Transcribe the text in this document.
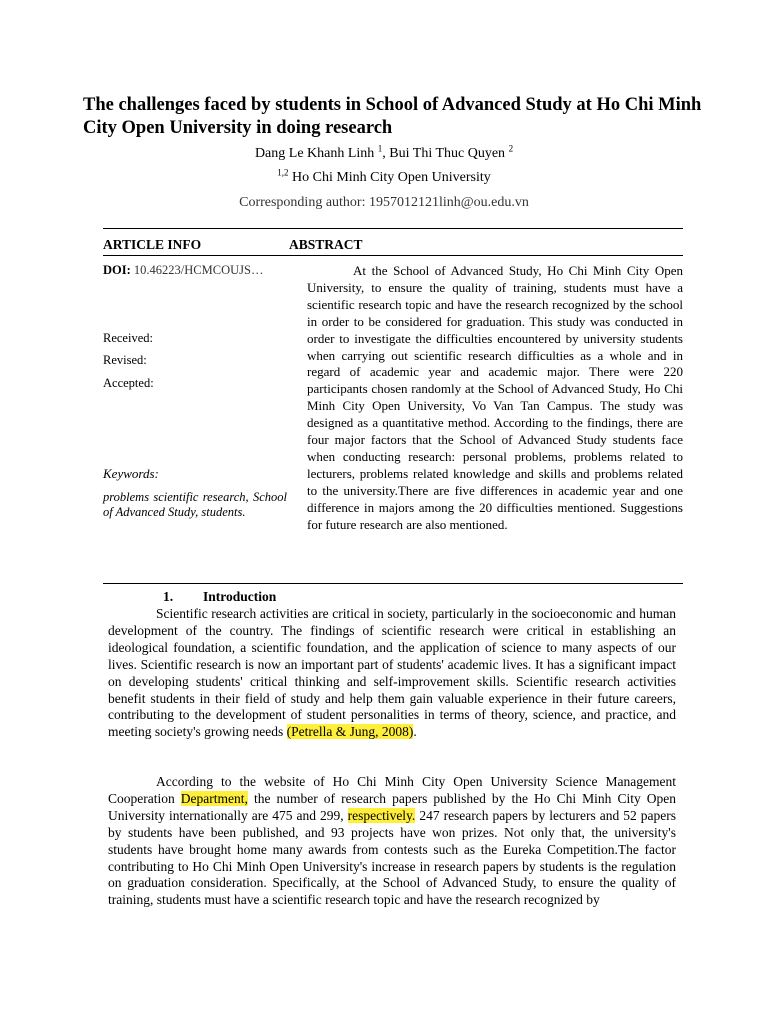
The challenges faced by students in School of Advanced Study at Ho Chi Minh City Open University in doing research
Dang Le Khanh Linh $^1$, Bui Thi Thuc Quyen $^2$
$^{1,2}$ Ho Chi Minh City Open University
Corresponding author: 1957012121linh@ou.edu.vn
ARTICLE INFO	ABSTRACT
DOI: 10.46223/HCMCOUJS…
Received:
Revised:
Accepted:
Keywords:
problems scientific research, School of Advanced Study, students.

At the School of Advanced Study, Ho Chi Minh City Open University, to ensure the quality of training, students must have a scientific research topic and have the research recognized by the school in order to be considered for graduation. This study was conducted in order to investigate the difficulties encountered by university students when carrying out scientific research difficulties as a whole and in regard of academic year and academic major. There were 220 participants chosen randomly at the School of Advanced Study, Ho Chi Minh City Open University, Vo Van Tan Campus. The study was designed as a quantitative method. According to the findings, there are four major factors that the School of Advanced Study students face when conducting research: personal problems, problems related to lecturers, problems related knowledge and skills and problems related to the university.There are five differences in academic year and one difference in majors among the 20 difficulties mentioned. Suggestions for future research are also mentioned.

1. Introduction

Scientific research activities are critical in society, particularly in the socioeconomic and human development of the country. The findings of scientific research were critical in establishing an ideological foundation, a scientific foundation, and the application of science to many aspects of our lives. Scientific research is now an important part of students' academic lives. It has a significant impact on developing students' critical thinking and self-improvement skills. Scientific research activities benefit students in their field of study and help them gain valuable experience in their future careers, contributing to the development of student personalities in terms of theory, science, and practice, and meeting society's growing needs (Petrella & Jung, 2008).

According to the website of Ho Chi Minh City Open University Science Management Cooperation Department, the number of research papers published by the Ho Chi Minh City Open University internationally are 475 and 299, respectively. 247 research papers by lecturers and 52 papers by students have been published, and 93 projects have won prizes. Not only that, the university's students have brought home many awards from contests such as the Eureka Competition.The factor contributing to Ho Chi Minh Open University's increase in research papers by students is the regulation on graduation consideration. Specifically, at the School of Advanced Study, to ensure the quality of training, students must have a scientific research topic and have the research recognized by
